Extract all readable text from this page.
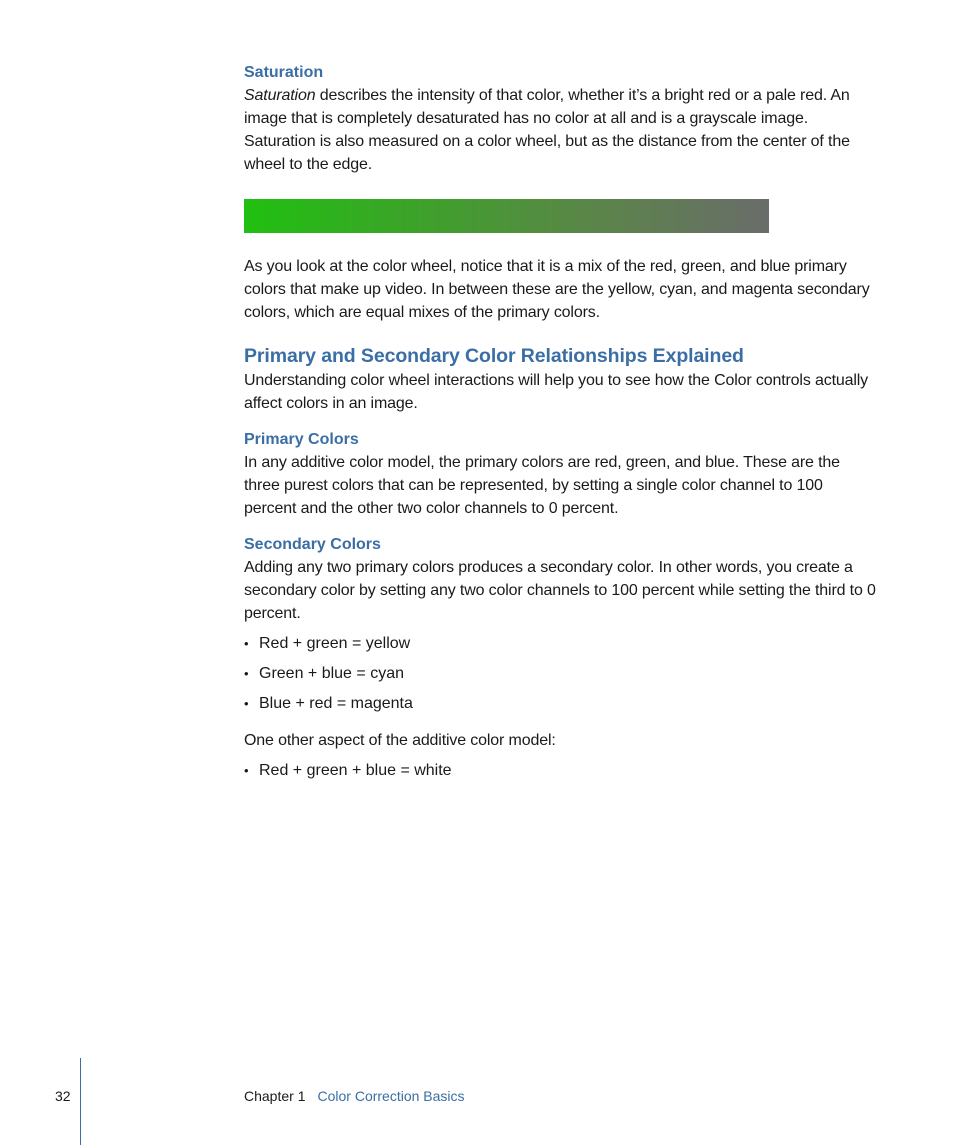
Saturation

Saturation describes the intensity of that color, whether it’s a bright red or a pale red. An image that is completely desaturated has no color at all and is a grayscale image. Saturation is also measured on a color wheel, but as the distance from the center of the wheel to the edge.

As you look at the color wheel, notice that it is a mix of the red, green, and blue primary colors that make up video. In between these are the yellow, cyan, and magenta secondary colors, which are equal mixes of the primary colors.

Primary and Secondary Color Relationships Explained

Understanding color wheel interactions will help you to see how the Color controls actually affect colors in an image.

Primary Colors

In any additive color model, the primary colors are red, green, and blue. These are the three purest colors that can be represented, by setting a single color channel to 100 percent and the other two color channels to 0 percent.

Secondary Colors

Adding any two primary colors produces a secondary color. In other words, you create a secondary color by setting any two color channels to 100 percent while setting the third to 0 percent.

• Red + green = yellow
• Green + blue = cyan
• Blue + red = magenta

One other aspect of the additive color model:

• Red + green + blue = white
32	Chapter 1 Color Correction Basics
